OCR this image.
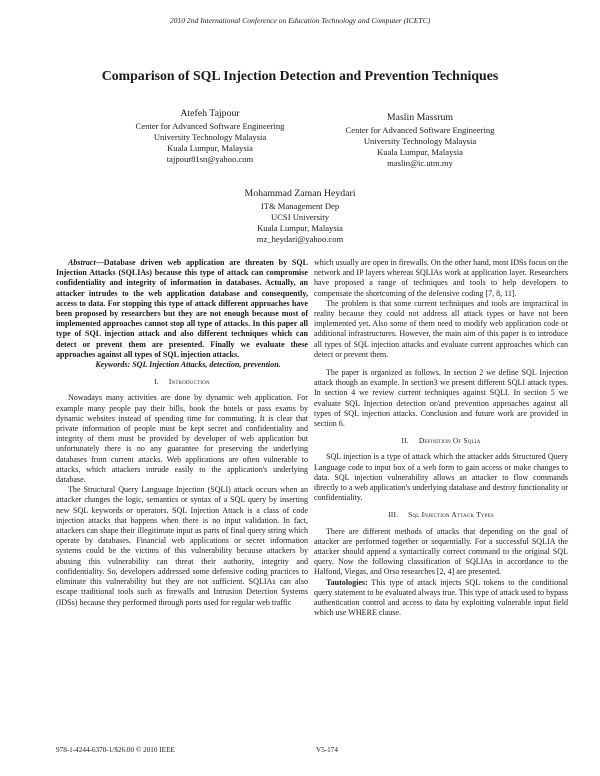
2010 2nd International Conference on Education Technology and Computer (ICETC)
Comparison of SQL Injection Detection and Prevention Techniques
Atefeh Tajpour
Center for Advanced Software Engineering
University Technology Malaysia
Kuala Lumpur, Malaysia
tajpour81sn@yahoo.com
Maslin Massrum
Center for Advanced Software Engineering
University Technology Malaysia
Kuala Lumpur, Malaysia
maslin@ic.utm.my
Mohammad Zaman Heydari
IT& Management Dep
UCSI University
Kuala Lumpur, Malaysia
mz_heydari@yahoo.com

Abstract—Database driven web application are threaten by SQL Injection Attacks (SQLIAs) because this type of attack can compromise confidentiality and integrity of information in databases. Actually, an attacker intrudes to the web application database and consequently, access to data. For stopping this type of attack different approaches have been proposed by researchers but they are not enough because most of implemented approaches cannot stop all type of attacks. In this paper all type of SQL injection attack and also different techniques which can detect or prevent them are presented. Finally we evaluate these approaches against all types of SQL injection attacks.

Keywords: SQL Injection Attacks, detection, prevention.

I. Introduction

Nowadays many activities are done by dynamic web application. For example many people pay their bills, book the hotels or pass exams by dynamic websites instead of spending time for commuting. It is clear that private information of people must be kept secret and confidentiality and integrity of them must be provided by developer of web application but unfortunately there is no any guarantee for preserving the underlying databases from current attacks. Web applications are often vulnerable to attacks, which attackers intrude easily to the application's underlying database.

The Structural Query Language Injection (SQLI) attack occurs when an attacker changes the logic, semantics or syntax of a SQL query by inserting new SQL keywords or operators. SQL Injection Attack is a class of code injection attacks that happens when there is no input validation. In fact, attackers can shape their illegitimate input as parts of final query string which operate by databases. Financial web applications or secret information systems could be the victims of this vulnerability because attackers by abusing this vulnerability can threat their authority, integrity and confidentiality. So, developers addressed some defensive coding practices to eliminate this vulnerability but they are not sufficient. SQLIAs can also escape traditional tools such as firewalls and Intrusion Detection Systems (IDSs) because they performed through ports used for regular web traffic

which usually are open in firewalls. On the other hand, most IDSs focus on the network and IP layers whereas SQLIAs work at application layer. Researchers have proposed a range of techniques and tools to help developers to compensate the shortcoming of the defensive coding [7, 8, 11].

The problem is that some current techniques and tools are impractical in reality because they could not address all attack types or have not been implemented yet. Also some of them need to modify web application code or additional infrastructures. However, the main aim of this paper is to introduce all types of SQL injection attacks and evaluate current approaches which can detect or prevent them.

The paper is organized as follows. In section 2 we define SQL Injection attack though an example. In section3 we present different SQLI attack types. In section 4 we review current techniques against SQLI. In section 5 we evaluate SQL Injection detection or/and prevention approaches against all types of SQL injection attacks. Conclusion and future work are provided in section 6.

II. Definition Of Sqlia

SQL injection is a type of attack which the attacker adds Structured Query Language code to input box of a web form to gain access or make changes to data. SQL injection vulnerability allows an attacker to flow commands directly to a web application's underlying database and destroy functionality or confidentiality.

III. Sql Injection Attack Types

There are different methods of attacks that depending on the goal of attacker are performed together or sequentially. For a successful SQLIA the attacker should append a syntactically correct command to the original SQL query. Now the following classification of SQLIAs in accordance to the Halfond, Viegas, and Orso researches [2, 4] are presented.

Tautologies: This type of attack injects SQL tokens to the conditional query statement to be evaluated always true. This type of attack used to bypass authentication control and access to data by exploiting vulnerable input field which use WHERE clause.

978-1-4244-6370-1/$26.00 © 2010 IEEE	V5-174
